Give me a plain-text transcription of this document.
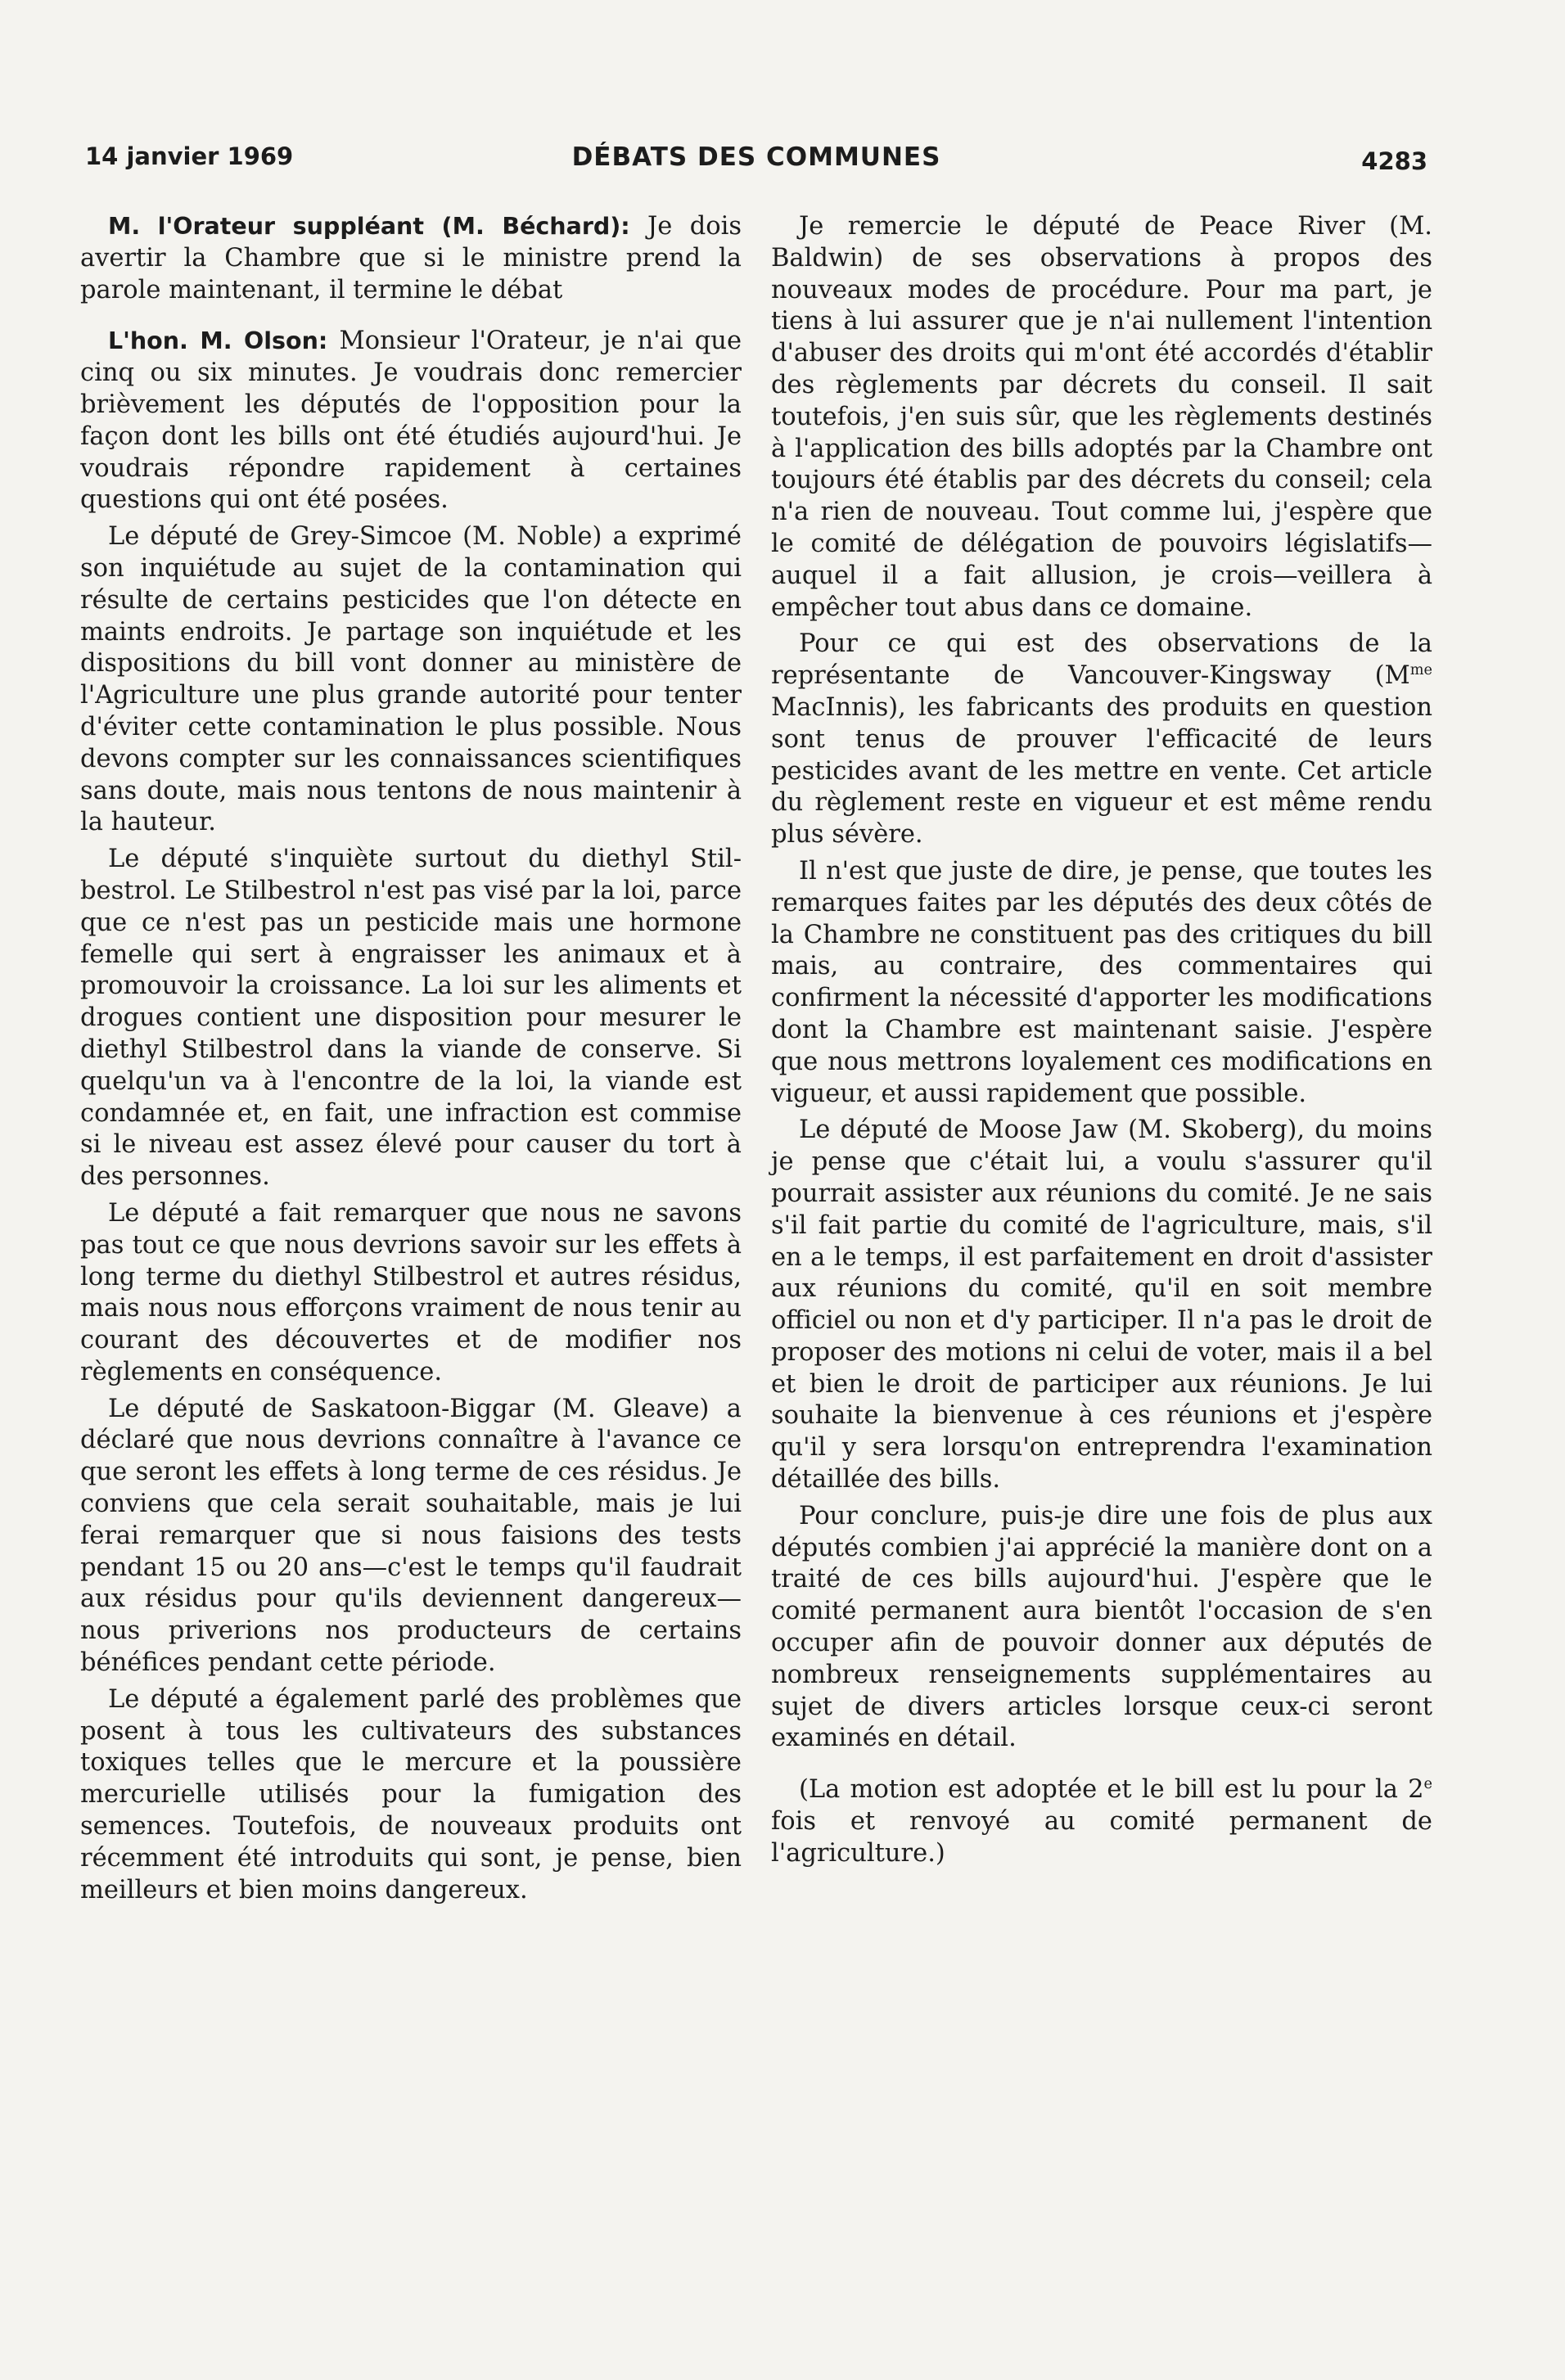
14 janvier 1969	DÉBATS DES COMMUNES	4283

M. l'Orateur suppléant (M. Béchard): Je dois avertir la Chambre que si le ministre prend la parole maintenant, il termine le débat

L'hon. M. Olson: Monsieur l'Orateur, je n'ai que cinq ou six minutes. Je voudrais donc remercier brièvement les députés de l'opposition pour la façon dont les bills ont été étudiés aujourd'hui. Je voudrais répondre rapidement à certaines questions qui ont été posées.

Le député de Grey-Simcoe (M. Noble) a exprimé son inquiétude au sujet de la contamination qui résulte de certains pesticides que l'on détecte en maints endroits. Je partage son inquiétude et les dispositions du bill vont donner au ministère de l'Agriculture une plus grande autorité pour tenter d'éviter cette contamination le plus possible. Nous devons compter sur les connaissances scientifiques sans doute, mais nous tentons de nous maintenir à la hauteur.

Le député s'inquiète surtout du diethyl Stilbestrol. Le Stilbestrol n'est pas visé par la loi, parce que ce n'est pas un pesticide mais une hormone femelle qui sert à engraisser les animaux et à promouvoir la croissance. La loi sur les aliments et drogues contient une disposition pour mesurer le diethyl Stilbestrol dans la viande de conserve. Si quelqu'un va à l'encontre de la loi, la viande est condamnée et, en fait, une infraction est commise si le niveau est assez élevé pour causer du tort à des personnes.

Le député a fait remarquer que nous ne savons pas tout ce que nous devrions savoir sur les effets à long terme du diethyl Stilbestrol et autres résidus, mais nous nous efforçons vraiment de nous tenir au courant des découvertes et de modifier nos règlements en conséquence.

Le député de Saskatoon-Biggar (M. Gleave) a déclaré que nous devrions connaître à l'avance ce que seront les effets à long terme de ces résidus. Je conviens que cela serait souhaitable, mais je lui ferai remarquer que si nous faisions des tests pendant 15 ou 20 ans—c'est le temps qu'il faudrait aux résidus pour qu'ils deviennent dangereux—nous priverions nos producteurs de certains bénéfices pendant cette période.

Le député a également parlé des problèmes que posent à tous les cultivateurs des substances toxiques telles que le mercure et la poussière mercurielle utilisés pour la fumigation des semences. Toutefois, de nouveaux produits ont récemment été introduits qui sont, je pense, bien meilleurs et bien moins dangereux.

Je remercie le député de Peace River (M. Baldwin) de ses observations à propos des nouveaux modes de procédure. Pour ma part, je tiens à lui assurer que je n'ai nullement l'intention d'abuser des droits qui m'ont été accordés d'établir des règlements par décrets du conseil. Il sait toutefois, j'en suis sûr, que les règlements destinés à l'application des bills adoptés par la Chambre ont toujours été établis par des décrets du conseil; cela n'a rien de nouveau. Tout comme lui, j'espère que le comité de délégation de pouvoirs législatifs—auquel il a fait allusion, je crois—veillera à empêcher tout abus dans ce domaine.

Pour ce qui est des observations de la représentante de Vancouver-Kingsway ($M^{me}$ MacInnis), les fabricants des produits en question sont tenus de prouver l'efficacité de leurs pesticides avant de les mettre en vente. Cet article du règlement reste en vigueur et est même rendu plus sévère.

Il n'est que juste de dire, je pense, que toutes les remarques faites par les députés des deux côtés de la Chambre ne constituent pas des critiques du bill mais, au contraire, des commentaires qui confirment la nécessité d'apporter les modifications dont la Chambre est maintenant saisie. J'espère que nous mettrons loyalement ces modifications en vigueur, et aussi rapidement que possible.

Le député de Moose Jaw (M. Skoberg), du moins je pense que c'était lui, a voulu s'assurer qu'il pourrait assister aux réunions du comité. Je ne sais s'il fait partie du comité de l'agriculture, mais, s'il en a le temps, il est parfaitement en droit d'assister aux réunions du comité, qu'il en soit membre officiel ou non et d'y participer. Il n'a pas le droit de proposer des motions ni celui de voter, mais il a bel et bien le droit de participer aux réunions. Je lui souhaite la bienvenue à ces réunions et j'espère qu'il y sera lorsqu'on entreprendra l'examination détaillée des bills.

Pour conclure, puis-je dire une fois de plus aux députés combien j'ai apprécié la manière dont on a traité de ces bills aujourd'hui. J'espère que le comité permanent aura bientôt l'occasion de s'en occuper afin de pouvoir donner aux députés de nombreux renseignements supplémentaires au sujet de divers articles lorsque ceux-ci seront examinés en détail.

(La motion est adoptée et le bill est lu pour la 2e fois et renvoyé au comité permanent de l'agriculture.)
